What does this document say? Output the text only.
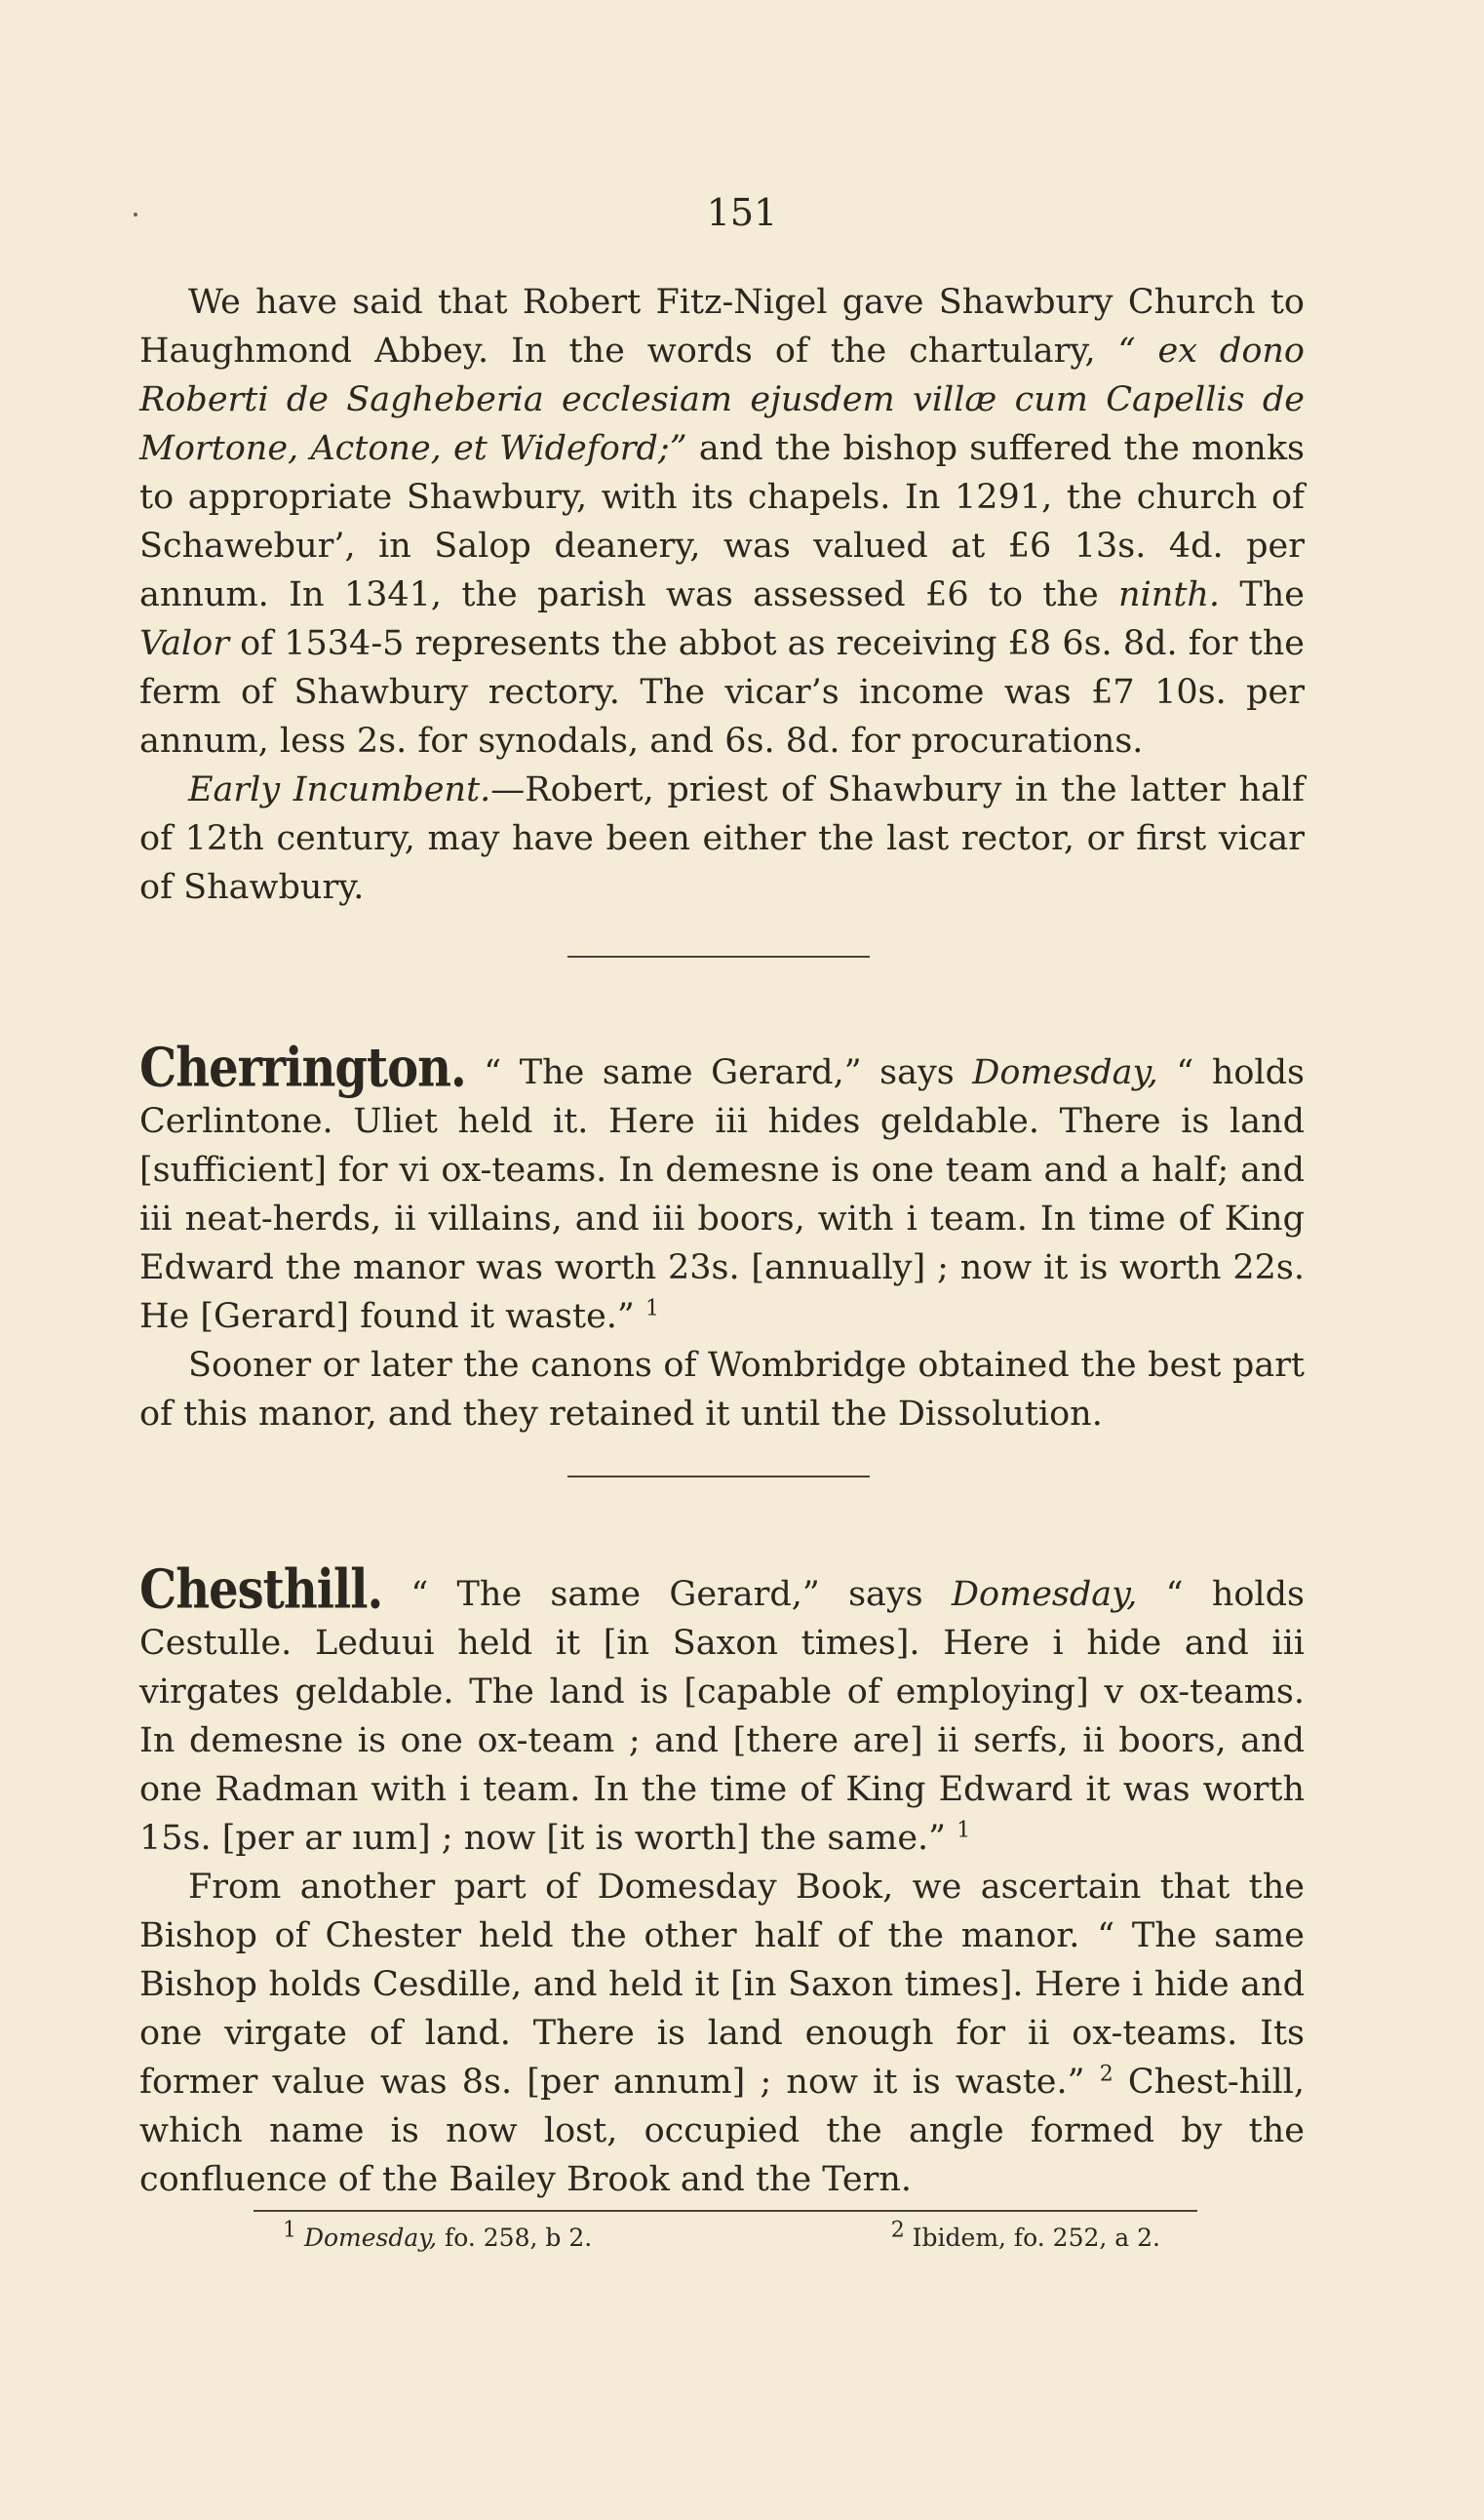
151

We have said that Robert Fitz-Nigel gave Shawbury Church to Haughmond Abbey. In the words of the chartulary, “ ex dono Roberti de Sagheberia ecclesiam ejusdem villæ cum Capellis de Mortone, Actone, et Wideford;” and the bishop suffered the monks to appropriate Shawbury, with its chapels. In 1291, the church of Schawebur’, in Salop deanery, was valued at £6 13s. 4d. per annum. In 1341, the parish was assessed £6 to the ninth. The Valor of 1534-5 represents the abbot as receiving £8 6s. 8d. for the ferm of Shawbury rectory. The vicar’s income was £7 10s. per annum, less 2s. for synodals, and 6s. 8d. for procurations.

Early Incumbent.—Robert, priest of Shawbury in the latter half of 12th century, may have been either the last rector, or first vicar of Shawbury.

Cherrington. “ The same Gerard,” says Domesday, “ holds Cerlintone. Uliet held it. Here iii hides geldable. There is land [sufficient] for vi ox-teams. In demesne is one team and a half; and iii neat-herds, ii villains, and iii boors, with i team. In time of King Edward the manor was worth 23s. [annually] ; now it is worth 22s. He [Gerard] found it waste.” $^1$

Sooner or later the canons of Wombridge obtained the best part of this manor, and they retained it until the Dissolution.

Chesthill. “ The same Gerard,” says Domesday, “ holds Cestulle. Leduui held it [in Saxon times]. Here i hide and iii virgates geldable. The land is [capable of employing] v ox-teams. In demesne is one ox-team ; and [there are] ii serfs, ii boors, and one Radman with i team. In the time of King Edward it was worth 15s. [per ar ıum] ; now [it is worth] the same.” $^1$

From another part of Domesday Book, we ascertain that the Bishop of Chester held the other half of the manor. “ The same Bishop holds Cesdille, and held it [in Saxon times]. Here i hide and one virgate of land. There is land enough for ii ox-teams. Its former value was 8s. [per annum] ; now it is waste.” $^2$ Chest-hill, which name is now lost, occupied the angle formed by the confluence of the Bailey Brook and the Tern.

$^1$ Domesday, fo. 258, b 2.	$^2$ Ibidem, fo. 252, a 2.
